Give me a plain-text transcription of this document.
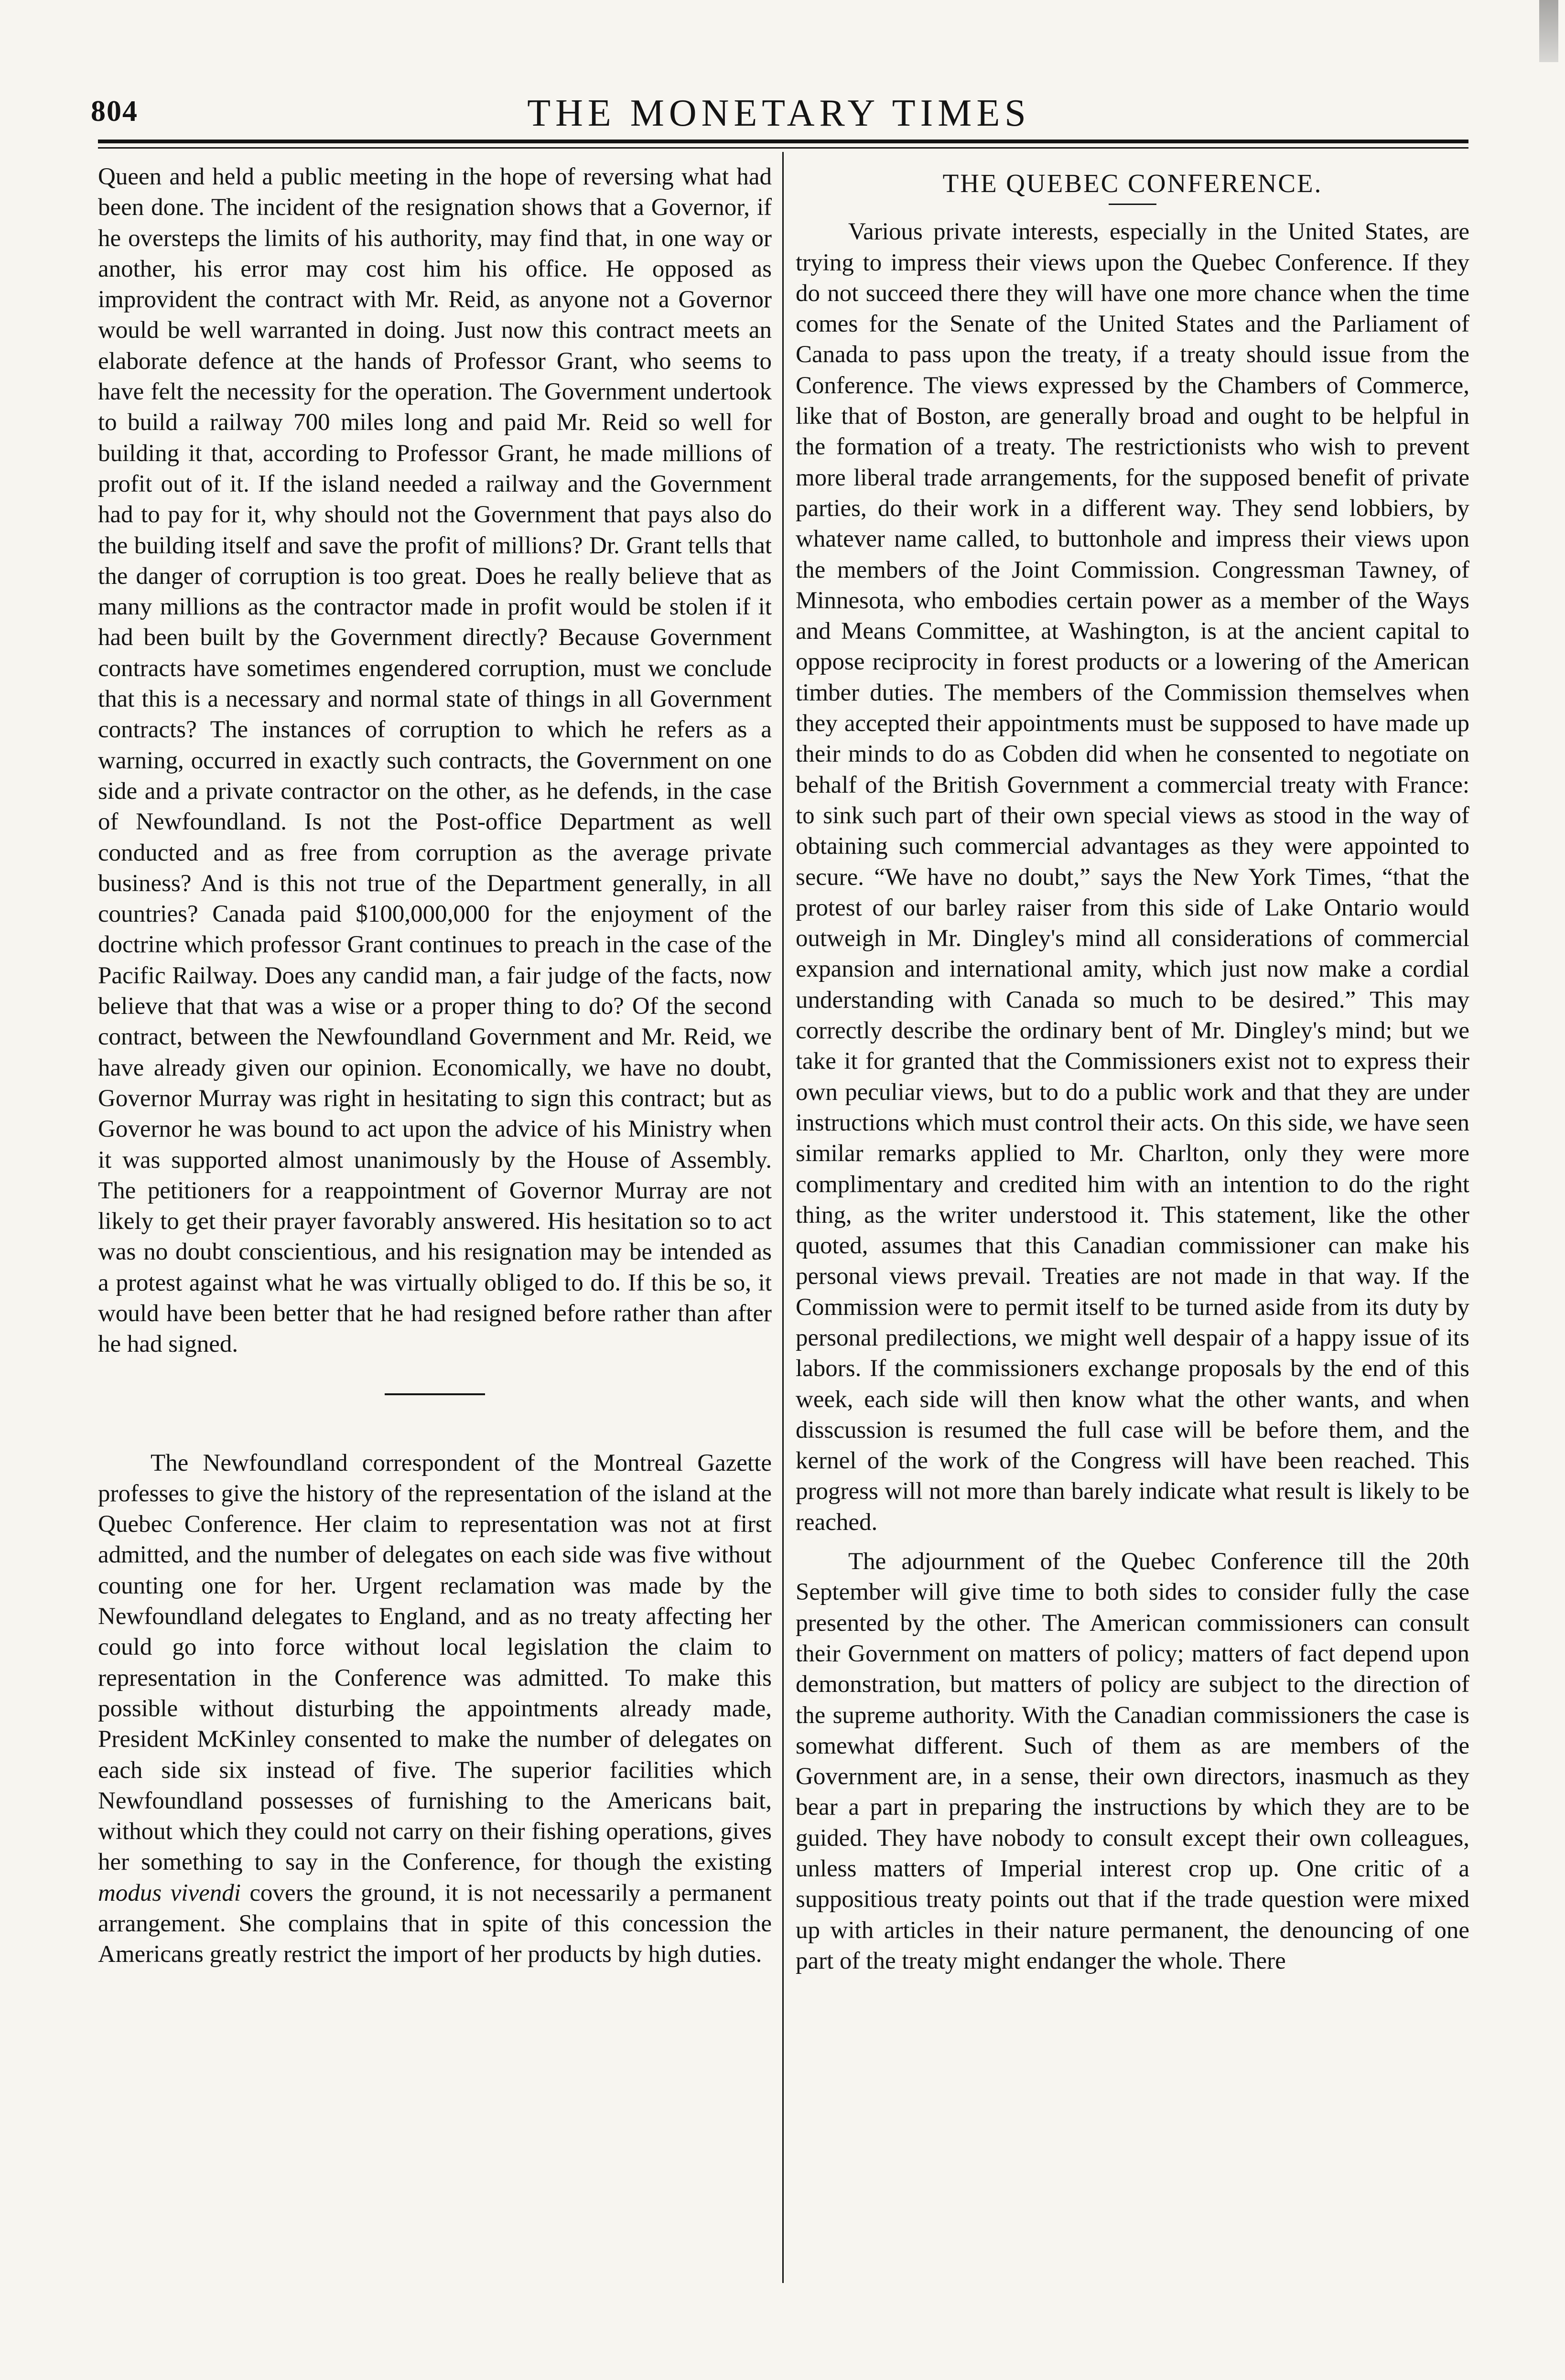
804	THE MONETARY TIMES

Queen and held a public meeting in the hope of reversing what had been done. The incident of the resignation shows that a Governor, if he oversteps the limits of his authority, may find that, in one way or another, his error may cost him his office. He opposed as improvident the contract with Mr. Reid, as anyone not a Governor would be well warranted in doing. Just now this contract meets an elaborate defence at the hands of Professor Grant, who seems to have felt the necessity for the operation. The Government undertook to build a railway 700 miles long and paid Mr. Reid so well for building it that, according to Professor Grant, he made millions of profit out of it. If the island needed a railway and the Government had to pay for it, why should not the Government that pays also do the building itself and save the profit of millions? Dr. Grant tells that the danger of corruption is too great. Does he really believe that as many millions as the contractor made in profit would be stolen if it had been built by the Government directly? Because Government contracts have sometimes engendered corruption, must we conclude that this is a necessary and normal state of things in all Government contracts? The instances of corruption to which he refers as a warning, occurred in exactly such contracts, the Government on one side and a private contractor on the other, as he defends, in the case of Newfoundland. Is not the Post-office Department as well conducted and as free from corruption as the average private business? And is this not true of the Department generally, in all countries? Canada paid $100,000,000 for the enjoyment of the doctrine which professor Grant continues to preach in the case of the Pacific Railway. Does any candid man, a fair judge of the facts, now believe that that was a wise or a proper thing to do? Of the second contract, between the Newfoundland Government and Mr. Reid, we have already given our opinion. Economically, we have no doubt, Governor Murray was right in hesitating to sign this contract; but as Governor he was bound to act upon the advice of his Ministry when it was supported almost unanimously by the House of Assembly. The petitioners for a reappointment of Governor Murray are not likely to get their prayer favorably answered. His hesitation so to act was no doubt conscientious, and his resignation may be intended as a protest against what he was virtually obliged to do. If this be so, it would have been better that he had resigned before rather than after he had signed.

The Newfoundland correspondent of the Montreal Gazette professes to give the history of the representation of the island at the Quebec Conference. Her claim to representation was not at first admitted, and the number of delegates on each side was five without counting one for her. Urgent reclamation was made by the Newfoundland delegates to England, and as no treaty affecting her could go into force without local legislation the claim to representation in the Conference was admitted. To make this possible without disturbing the appointments already made, President McKinley consented to make the number of delegates on each side six instead of five. The superior facilities which Newfoundland possesses of furnishing to the Americans bait, without which they could not carry on their fishing operations, gives her something to say in the Conference, for though the existing modus vivendi covers the ground, it is not necessarily a permanent arrangement. She complains that in spite of this concession the Americans greatly restrict the import of her products by high duties.

THE QUEBEC CONFERENCE.

Various private interests, especially in the United States, are trying to impress their views upon the Quebec Conference. If they do not succeed there they will have one more chance when the time comes for the Senate of the United States and the Parliament of Canada to pass upon the treaty, if a treaty should issue from the Conference. The views expressed by the Chambers of Commerce, like that of Boston, are generally broad and ought to be helpful in the formation of a treaty. The restrictionists who wish to prevent more liberal trade arrangements, for the supposed benefit of private parties, do their work in a different way. They send lobbiers, by whatever name called, to buttonhole and impress their views upon the members of the Joint Commission. Congressman Tawney, of Minnesota, who embodies certain power as a member of the Ways and Means Committee, at Washington, is at the ancient capital to oppose reciprocity in forest products or a lowering of the American timber duties. The members of the Commission themselves when they accepted their appointments must be supposed to have made up their minds to do as Cobden did when he consented to negotiate on behalf of the British Government a commercial treaty with France: to sink such part of their own special views as stood in the way of obtaining such commercial advantages as they were appointed to secure. “We have no doubt,” says the New York Times, “that the protest of our barley raiser from this side of Lake Ontario would outweigh in Mr. Dingley's mind all considerations of commercial expansion and international amity, which just now make a cordial understanding with Canada so much to be desired.” This may correctly describe the ordinary bent of Mr. Dingley's mind; but we take it for granted that the Commissioners exist not to express their own peculiar views, but to do a public work and that they are under instructions which must control their acts. On this side, we have seen similar remarks applied to Mr. Charlton, only they were more complimentary and credited him with an intention to do the right thing, as the writer understood it. This statement, like the other quoted, assumes that this Canadian commissioner can make his personal views prevail. Treaties are not made in that way. If the Commission were to permit itself to be turned aside from its duty by personal predilections, we might well despair of a happy issue of its labors. If the commissioners exchange proposals by the end of this week, each side will then know what the other wants, and when disscussion is resumed the full case will be before them, and the kernel of the work of the Congress will have been reached. This progress will not more than barely indicate what result is likely to be reached.

The adjournment of the Quebec Conference till the 20th September will give time to both sides to consider fully the case presented by the other. The American commissioners can consult their Government on matters of policy; matters of fact depend upon demonstration, but matters of policy are subject to the direction of the supreme authority. With the Canadian commissioners the case is somewhat different. Such of them as are members of the Government are, in a sense, their own directors, inasmuch as they bear a part in preparing the instructions by which they are to be guided. They have nobody to consult except their own colleagues, unless matters of Imperial interest crop up. One critic of a suppositious treaty points out that if the trade question were mixed up with articles in their nature permanent, the denouncing of one part of the treaty might endanger the whole. There
